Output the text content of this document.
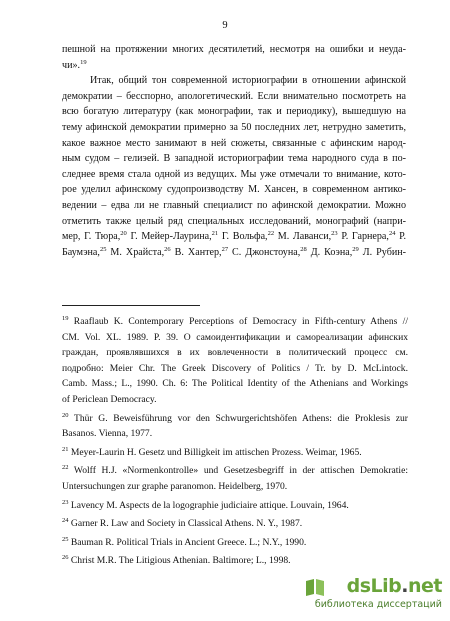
9
пешной на протяжении многих десятилетий, несмотря на ошибки и неуда-
чи».$^{19}$
Итак, общий тон современной историографии в отношении афинской
демократии – бесспорно, апологетический. Если внимательно посмотреть на
всю богатую литературу (как монографии, так и периодику), вышедшую на
тему афинской демократии примерно за 50 последних лет, нетрудно заметить,
какое важное место занимают в ней сюжеты, связанные с афинским народ-
ным судом – гелиэей. В западной историографии тема народного суда в по-
следнее время стала одной из ведущих. Мы уже отмечали то внимание, кото-
рое уделил афинскому судопроизводству М. Хансен, в современном антико-
ведении – едва ли не главный специалист по афинской демократии. Можно
отметить также целый ряд специальных исследований, монографий (напри-
мер, Г. Тюра,$^{20}$ Г. Мейер-Лаурина,$^{21}$ Г. Вольфа,$^{22}$ М. Лаванси,$^{23}$ Р. Гарнера,$^{24}$ Р.
Баумэна,$^{25}$ М. Храйста,$^{26}$ В. Хантер,$^{27}$ С. Джонстоуна,$^{28}$ Д. Коэна,$^{29}$ Л. Рубин-
$^{19}$ Raaflaub K. Contemporary Perceptions of Democracy in Fifth-century Athens //
CM. Vol. XL. 1989. P. 39. О самоидентификации и самореализации афинских
граждан, проявлявшихся в их вовлеченности в политический процесс см.
подробно: Meier Chr. The Greek Discovery of Politics / Tr. by D. McLintock.
Camb. Mass.; L., 1990. Ch. 6: The Political Identity of the Athenians and Workings
of Periclean Democracy.
$^{20}$ Thür G. Beweisführung vor den Schwurgerichtshöfen Athens: die Proklesis zur
Basanos. Vienna, 1977.
$^{21}$ Meyer-Laurin H. Gesetz und Billigkeit im attischen Prozess. Weimar, 1965.
$^{22}$ Wolff H.J. «Normenkontrolle» und Gesetzesbegriff in der attischen Demokratie:
Untersuchungen zur graphe paranomon. Heidelberg, 1970.
$^{23}$ Lavency M. Aspects de la logographie judiciaire attique. Louvain, 1964.
$^{24}$ Garner R. Law and Society in Classical Athens. N. Y., 1987.
$^{25}$ Bauman R. Political Trials in Ancient Greece. L.; N.Y., 1990.
$^{26}$ Christ M.R. The Litigious Athenian. Baltimore; L., 1998.
dsLib.net
библиотека диссертаций
